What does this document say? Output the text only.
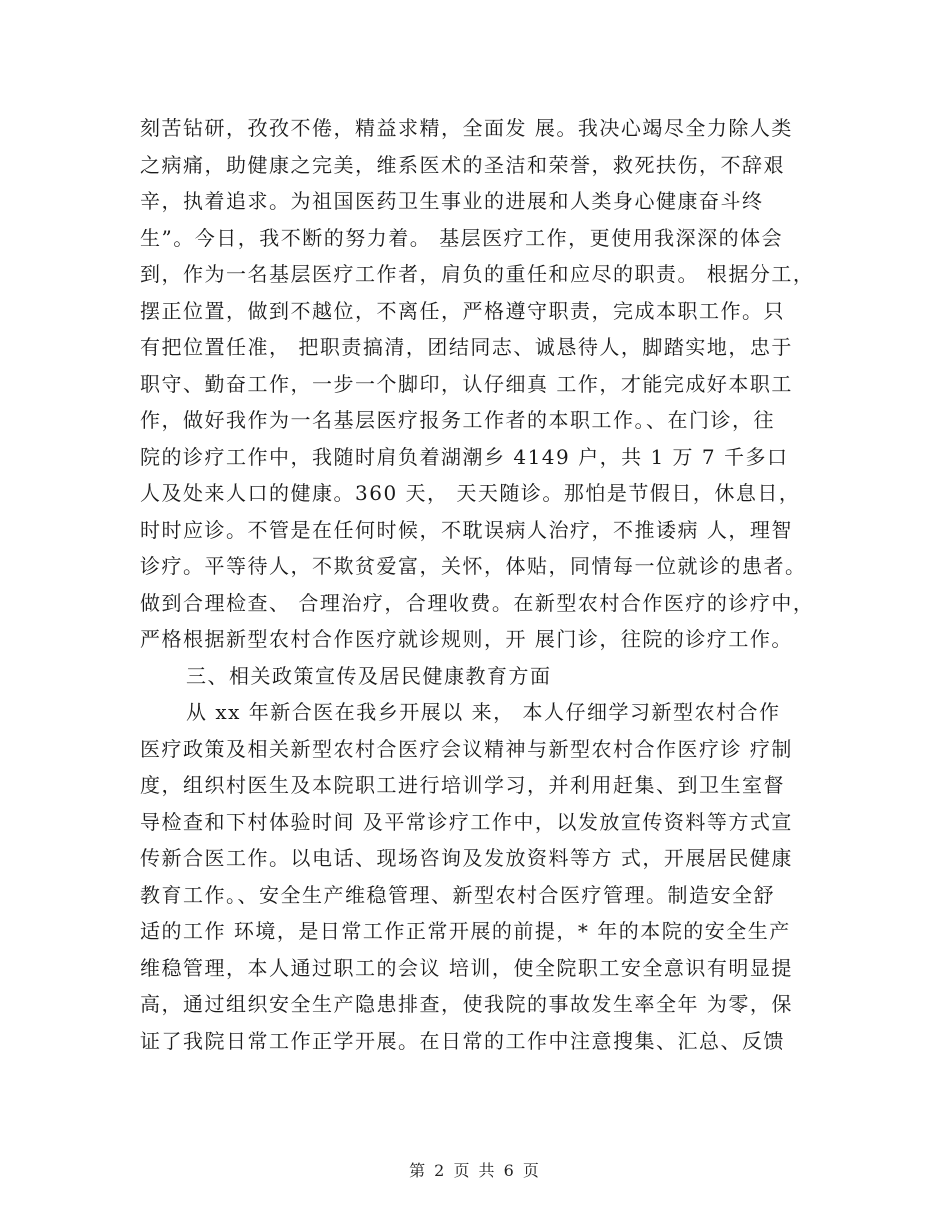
刻苦钻研，孜孜不倦，精益求精，全面发 展。我决心竭尽全力除人类
之病痛，助健康之完美，维系医术的圣洁和荣誉，救死扶伤，不辞艰
辛，执着追求。为祖国医药卫生事业的进展和人类身心健康奋斗终
生”。今日，我不断的努力着。 基层医疗工作，更使用我深深的体会
到，作为一名基层医疗工作者，肩负的重任和应尽的职责。 根据分工，
摆正位置，做到不越位，不离任，严格遵守职责，完成本职工作。只
有把位置任准， 把职责搞清，团结同志、诚恳待人，脚踏实地，忠于
职守、勤奋工作，一步一个脚印，认仔细真 工作，才能完成好本职工
作，做好我作为一名基层医疗报务工作者的本职工作。、在门诊，往
院的诊疗工作中，我随时肩负着湖潮乡 4149 户，共 1 万 7 千多口
人及处来人口的健康。360 天， 天天随诊。那怕是节假日，休息日，
时时应诊。不管是在任何时候，不耽误病人治疗，不推诿病 人，理智
诊疗。平等待人，不欺贫爱富，关怀，体贴，同情每一位就诊的患者。
做到合理检查、 合理治疗，合理收费。在新型农村合作医疗的诊疗中，
严格根据新型农村合作医疗就诊规则，开 展门诊，往院的诊疗工作。
三、相关政策宣传及居民健康教育方面
从 xx 年新合医在我乡开展以 来， 本人仔细学习新型农村合作
医疗政策及相关新型农村合医疗会议精神与新型农村合作医疗诊 疗制
度，组织村医生及本院职工进行培训学习，并利用赶集、到卫生室督
导检查和下村体验时间 及平常诊疗工作中，以发放宣传资料等方式宣
传新合医工作。以电话、现场咨询及发放资料等方 式，开展居民健康
教育工作。、安全生产维稳管理、新型农村合医疗管理。制造安全舒
适的工作 环境，是日常工作正常开展的前提，* 年的本院的安全生产
维稳管理，本人通过职工的会议 培训，使全院职工安全意识有明显提
高，通过组织安全生产隐患排查，使我院的事故发生率全年 为零，保
证了我院日常工作正学开展。在日常的工作中注意搜集、汇总、反馈
第 2 页 共 6 页
